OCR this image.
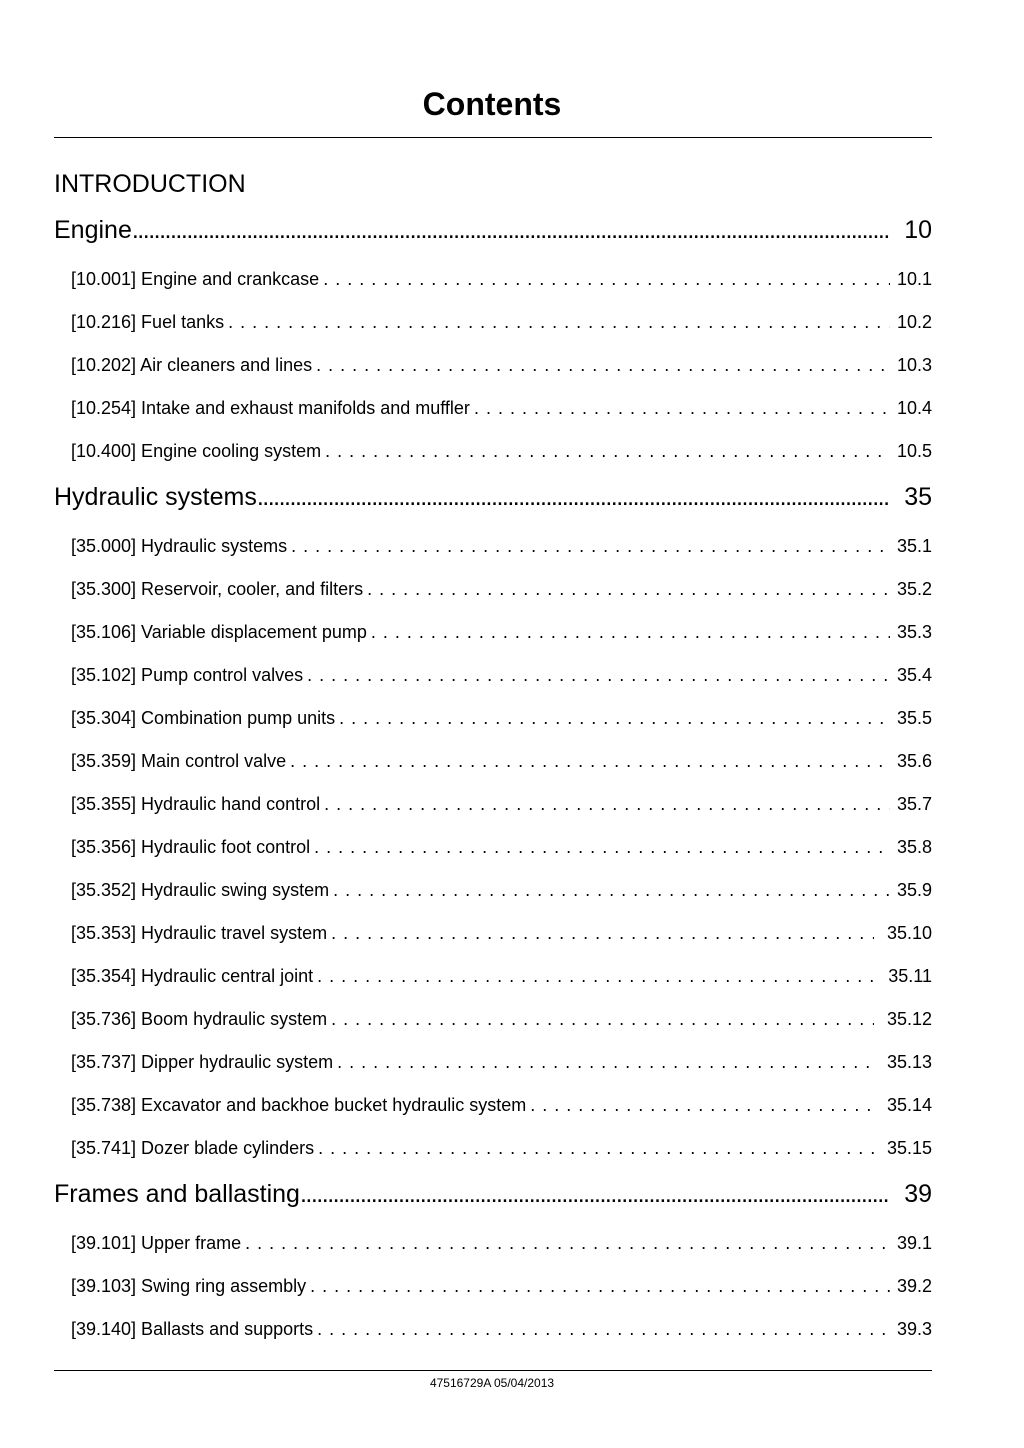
Contents
INTRODUCTION
Engine .....	10
[10.001] Engine and crankcase . . .	10.1
[10.216] Fuel tanks . . .	10.2
[10.202] Air cleaners and lines . . .	10.3
[10.254] Intake and exhaust manifolds and muffler . . .	10.4
[10.400] Engine cooling system . . .	10.5
Hydraulic systems .....	35
[35.000] Hydraulic systems . . .	35.1
[35.300] Reservoir, cooler, and filters . . .	35.2
[35.106] Variable displacement pump . . .	35.3
[35.102] Pump control valves . . .	35.4
[35.304] Combination pump units . . .	35.5
[35.359] Main control valve . . .	35.6
[35.355] Hydraulic hand control . . .	35.7
[35.356] Hydraulic foot control . . .	35.8
[35.352] Hydraulic swing system . . .	35.9
[35.353] Hydraulic travel system . . .	35.10
[35.354] Hydraulic central joint . . .	35.11
[35.736] Boom hydraulic system . . .	35.12
[35.737] Dipper hydraulic system . . .	35.13
[35.738] Excavator and backhoe bucket hydraulic system . . .	35.14
[35.741] Dozer blade cylinders . . .	35.15
Frames and ballasting .....	39
[39.101] Upper frame . . .	39.1
[39.103] Swing ring assembly . . .	39.2
[39.140] Ballasts and supports . . .	39.3
47516729A 05/04/2013
